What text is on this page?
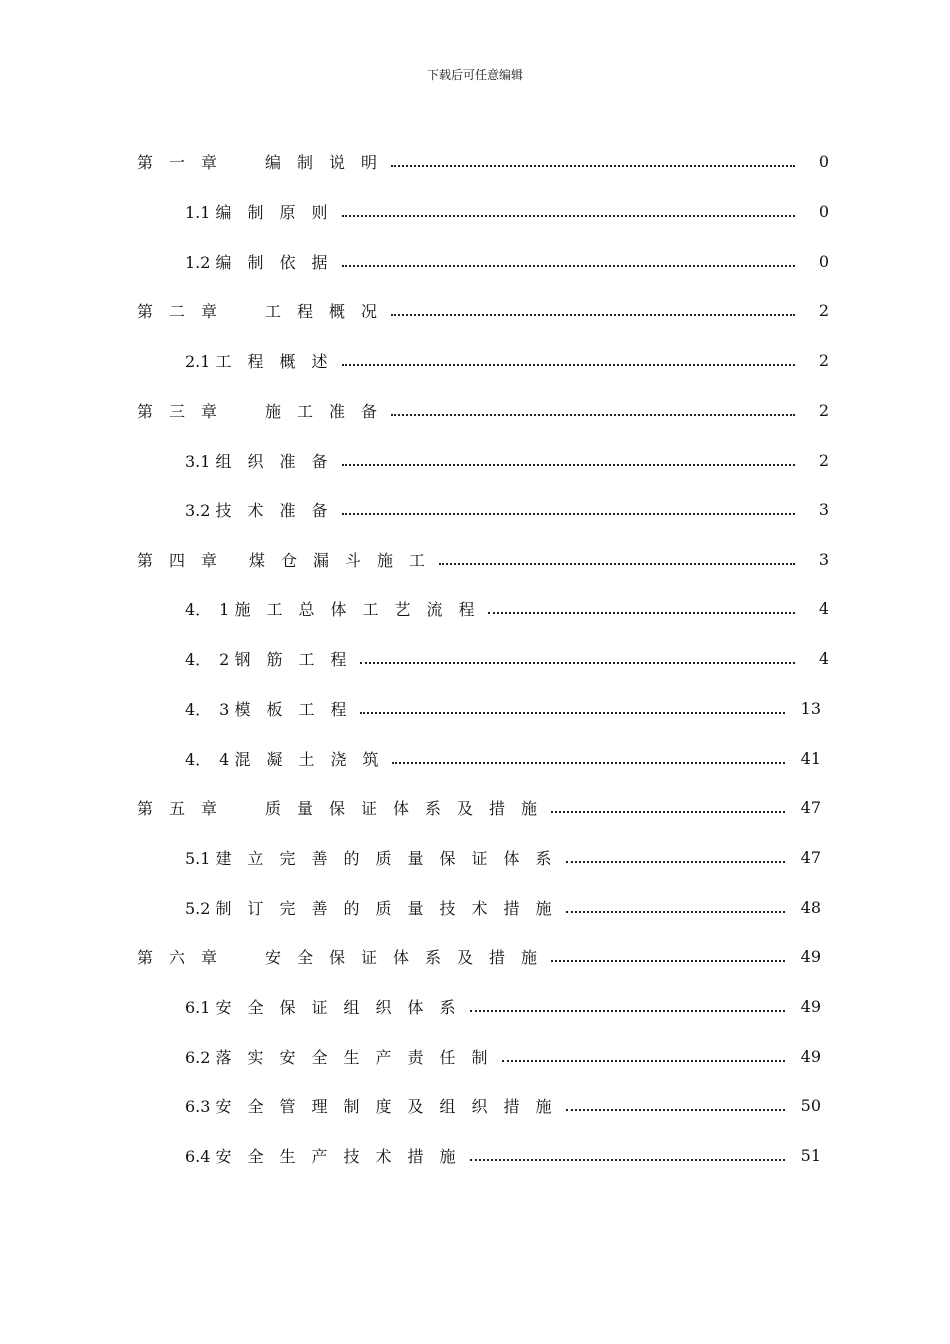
下载后可任意编辑
第　一　章　　　编　制　说　明	0
1.1 编　制　原　则	0
1.2 编　制　依　据	0
第　二　章　　　工　程　概　况	2
2.1 工　程　概　述	2
第　三　章　　　施　工　准　备	2
3.1 组　织　准　备	2
3.2 技　术　准　备	3
第　四　章　　煤　仓　漏　斗　施　工	3
4．　1 施　工　总　体　工　艺　流　程	4
4．　2 钢　筋　工　程	4
4．　3 模　板　工　程	13
4．　4 混　凝　土　浇　筑	41
第　五　章　　　质　量　保　证　体　系　及　措　施	47
5.1 建　立　完　善　的　质　量　保　证　体　系	47
5.2 制　订　完　善　的　质　量　技　术　措　施	48
第　六　章　　　安　全　保　证　体　系　及　措　施	49
6.1 安　全　保　证　组　织　体　系	49
6.2 落　实　安　全　生　产　责　任　制	49
6.3 安　全　管　理　制　度　及　组　织　措　施	50
6.4 安　全　生　产　技　术　措　施	51
